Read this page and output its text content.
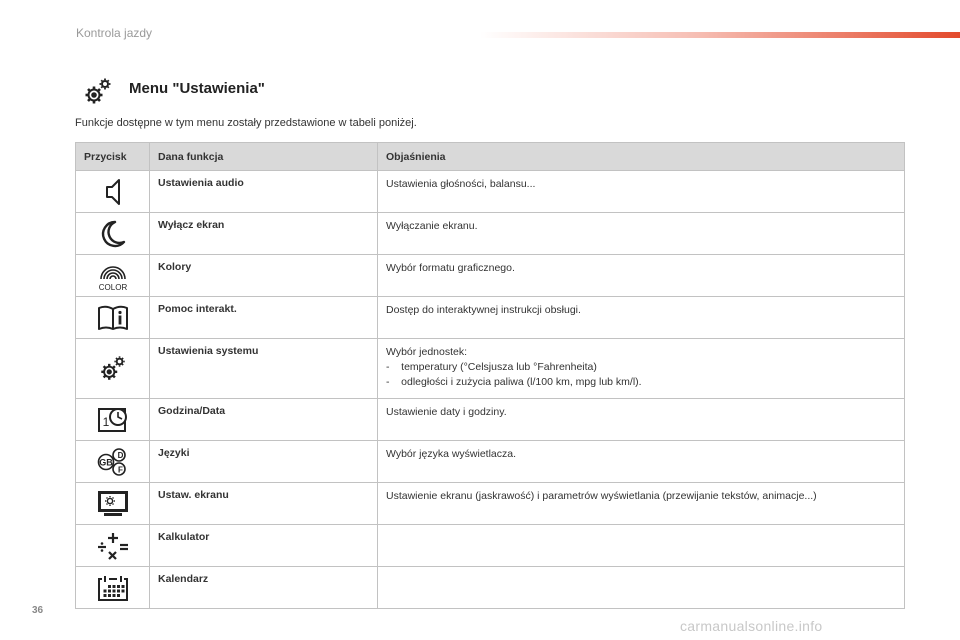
Kontrola jazdy
Menu "Ustawienia"
Funkcje dostępne w tym menu zostały przedstawione w tabeli poniżej.
Przycisk	Dana funkcja	Objaśnienia

	Ustawienia audio	Ustawienia głośności, balansu...

	Wyłącz ekran	Wyłączanie ekranu.

COLOR	Kolory	Wybór formatu graficznego.

	Pomoc interakt.	Dostęp do interaktywnej instrukcji obsługi.

	Ustawienia systemu	Wybór jednostek:
-    temperatury (°Celsjusza lub °Fahrenheita)
-    odległości i zużycia paliwa (l/100 km, mpg lub km/l).

1	Godzina/Data	Ustawienie daty i godziny.

GB
D
F	Języki	Wybór języka wyświetlacza.

	Ustaw. ekranu	Ustawienie ekranu (jaskrawość) i parametrów wyświetlania (przewijanie tekstów, animacje...)

	Kalkulator	

	Kalendarz	
36
carmanualsonline.info
